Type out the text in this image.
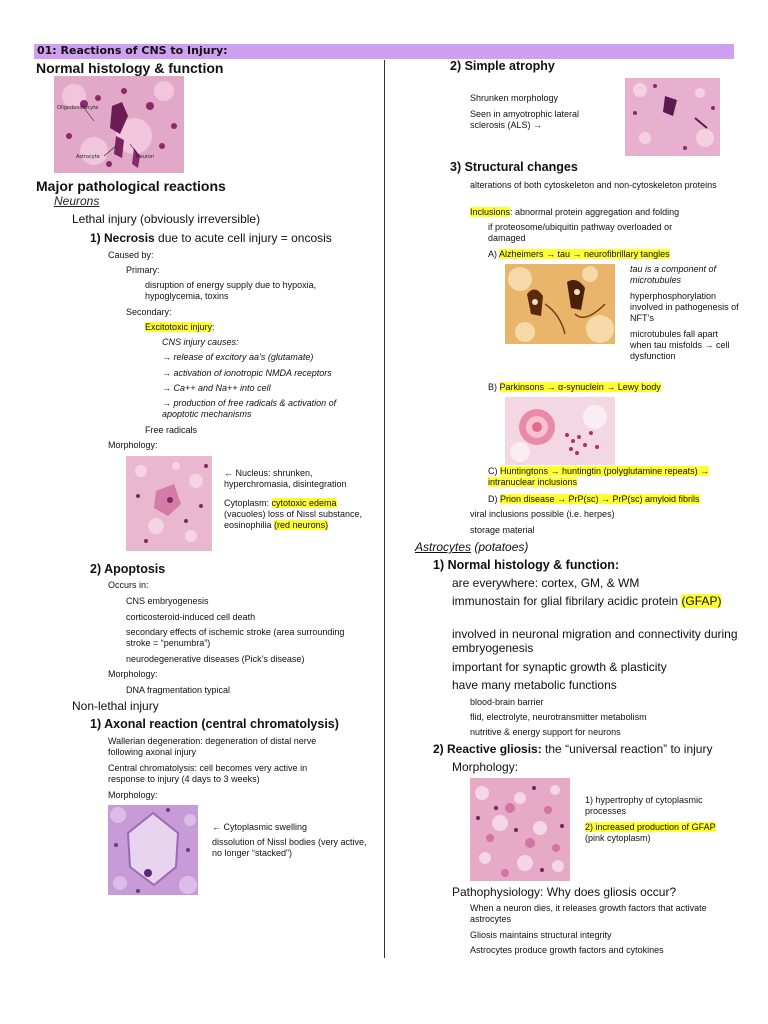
01: Reactions of CNS to Injury:
Normal histology & function
Oligodendrocyte
Astrocyte	Neuron
Major pathological reactions
Neurons
Lethal injury (obviously irreversible)
1) Necrosis due to acute cell injury = oncosis
Caused by:
Primary:
disruption of energy supply due to hypoxia, hypoglycemia, toxins
Secondary:
Excitotoxic injury:
CNS injury causes:
→ release of excitory aa’s (glutamate)
→ activation of ionotropic NMDA receptors
→ Ca++ and Na++ into cell
→ production of free radicals & activation of apoptotic mechanisms
Free radicals
Morphology:
← Nucleus: shrunken, hyperchromasia, disintegration
Cytoplasm: cytotoxic edema (vacuoles) loss of Nissl substance, eosinophilia (red neurons)
2) Apoptosis
Occurs in:
CNS embryogenesis
corticosteroid-induced cell death
secondary effects of ischemic stroke (area surrounding stroke = “penumbra”)
neurodegenerative diseases (Pick’s disease)
Morphology:
DNA fragmentation typical
Non-lethal injury
1) Axonal reaction (central chromatolysis)
Wallerian degeneration: degeneration of distal nerve following axonal injury
Central chromatolysis: cell becomes very active in response to injury (4 days to 3 weeks)
Morphology:
← Cytoplasmic swelling
dissolution of Nissl bodies (very active, no longer “stacked”)
2) Simple atrophy
Shrunken morphology
Seen in amyotrophic lateral sclerosis (ALS) →
3) Structural changes
alterations of both cytoskeleton and non-cytoskeleton proteins
Inclusions: abnormal protein aggregation and folding
if proteosome/ubiquitin pathway overloaded or damaged
A) Alzheimers → tau → neurofibrillary tangles
tau is a component of microtubules
hyperphosphorylation involved in pathogenesis of NFT’s
microtubules fall apart when tau misfolds → cell dysfunction
B) Parkinsons → α-synuclein → Lewy body
C) Huntingtons → huntingtin (polyglutamine repeats) → intranuclear inclusions
D) Prion disease → PrP(sc) → PrP(sc) amyloid fibrils
viral inclusions possible (i.e. herpes)
storage material
Astrocytes (potatoes)
1) Normal histology & function:
are everywhere: cortex, GM, & WM
immunostain for glial fibrilary acidic protein (GFAP)
involved in neuronal migration and connectivity during embryogenesis
important for synaptic growth & plasticity
have many metabolic functions
blood-brain barrier
flid, electrolyte, neurotransmitter metabolism
nutritive & energy support for neurons
2) Reactive gliosis: the “universal reaction” to injury
Morphology:
1) hypertrophy of cytoplasmic processes
2) increased production of GFAP
(pink cytoplasm)
Pathophysiology: Why does gliosis occur?
When a neuron dies, it releases growth factors that activate astrocytes
Gliosis maintains structural integrity
Astrocytes produce growth factors and cytokines
